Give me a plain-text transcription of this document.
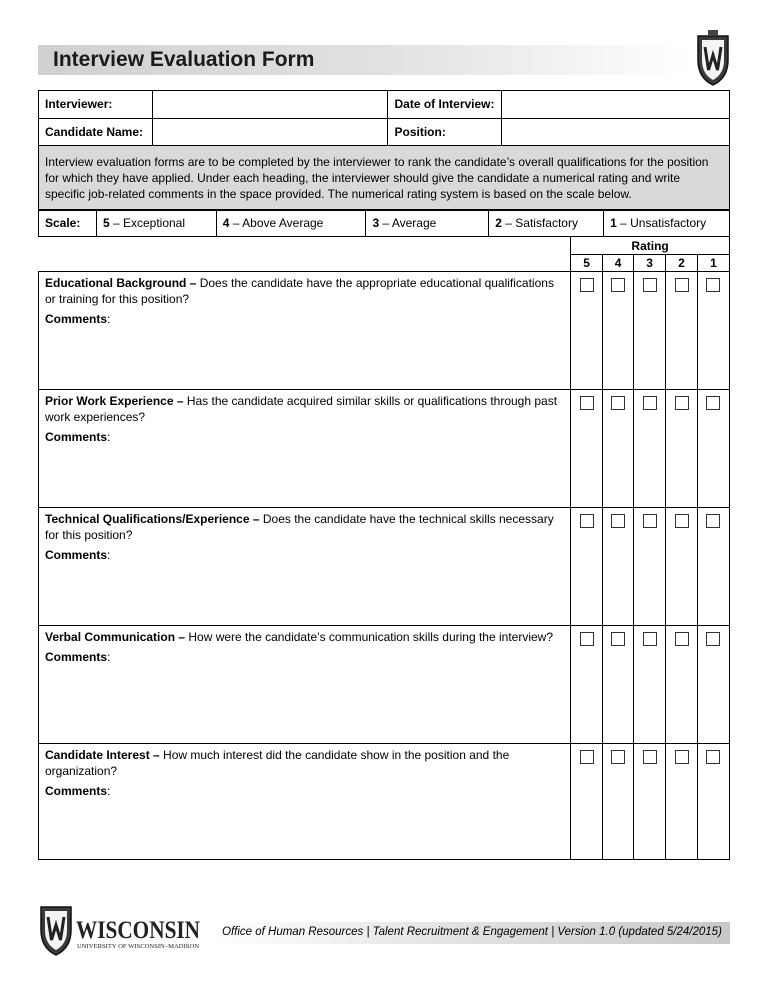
Interview Evaluation Form
Interviewer:		Date of Interview:	
Candidate Name:		Position:	
Interview evaluation forms are to be completed by the interviewer to rank the candidate’s overall qualifications for the position for which they have applied. Under each heading, the interviewer should give the candidate a numerical rating and write specific job-related comments in the space provided. The numerical rating system is based on the scale below.
Scale:	5 – Exceptional	4 – Above Average	3 – Average	2 – Satisfactory	1 – Unsatisfactory
	Rating				
	5	4	3	2	1
Educational Background – Does the candidate have the appropriate educational qualifications or training for this position?
Comments:					

Prior Work Experience – Has the candidate acquired similar skills or qualifications through past work experiences?
Comments:					

Technical Qualifications/Experience – Does the candidate have the technical skills necessary for this position?
Comments:					

Verbal Communication – How were the candidate’s communication skills during the interview?
Comments:					

Candidate Interest – How much interest did the candidate show in the position and the organization?
Comments:					

WISCONSIN
UNIVERSITY OF WISCONSIN–MADISON
Office of Human Resources | Talent Recruitment & Engagement | Version 1.0 (updated 5/24/2015)
